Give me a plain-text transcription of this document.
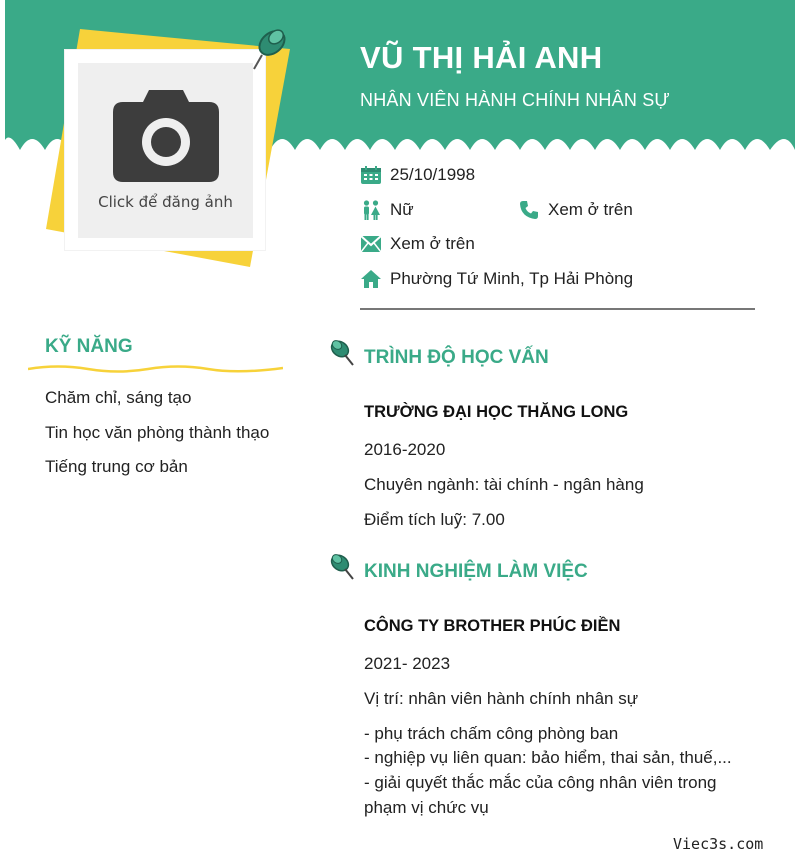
Click để đăng ảnh
VŨ THỊ HẢI ANH
NHÂN VIÊN HÀNH CHÍNH NHÂN SỰ
25/10/1998
Nữ	Xem ở trên
Xem ở trên
Phường Tứ Minh, Tp Hải Phòng
KỸ NĂNG
Chăm chỉ, sáng tạo
Tin học văn phòng thành thạo
Tiếng trung cơ bản
TRÌNH ĐỘ HỌC VẤN
TRƯỜNG ĐẠI HỌC THĂNG LONG
2016-2020
Chuyên ngành: tài chính - ngân hàng
Điểm tích luỹ: 7.00
KINH NGHIỆM LÀM VIỆC
CÔNG TY BROTHER PHÚC ĐIỀN
2021- 2023
Vị trí: nhân viên hành chính nhân sự
- phụ trách chấm công phòng ban
- nghiệp vụ liên quan: bảo hiểm, thai sản, thuế,...
- giải quyết thắc mắc của công nhân viên trong
phạm vị chức vụ
Viec3s.com
